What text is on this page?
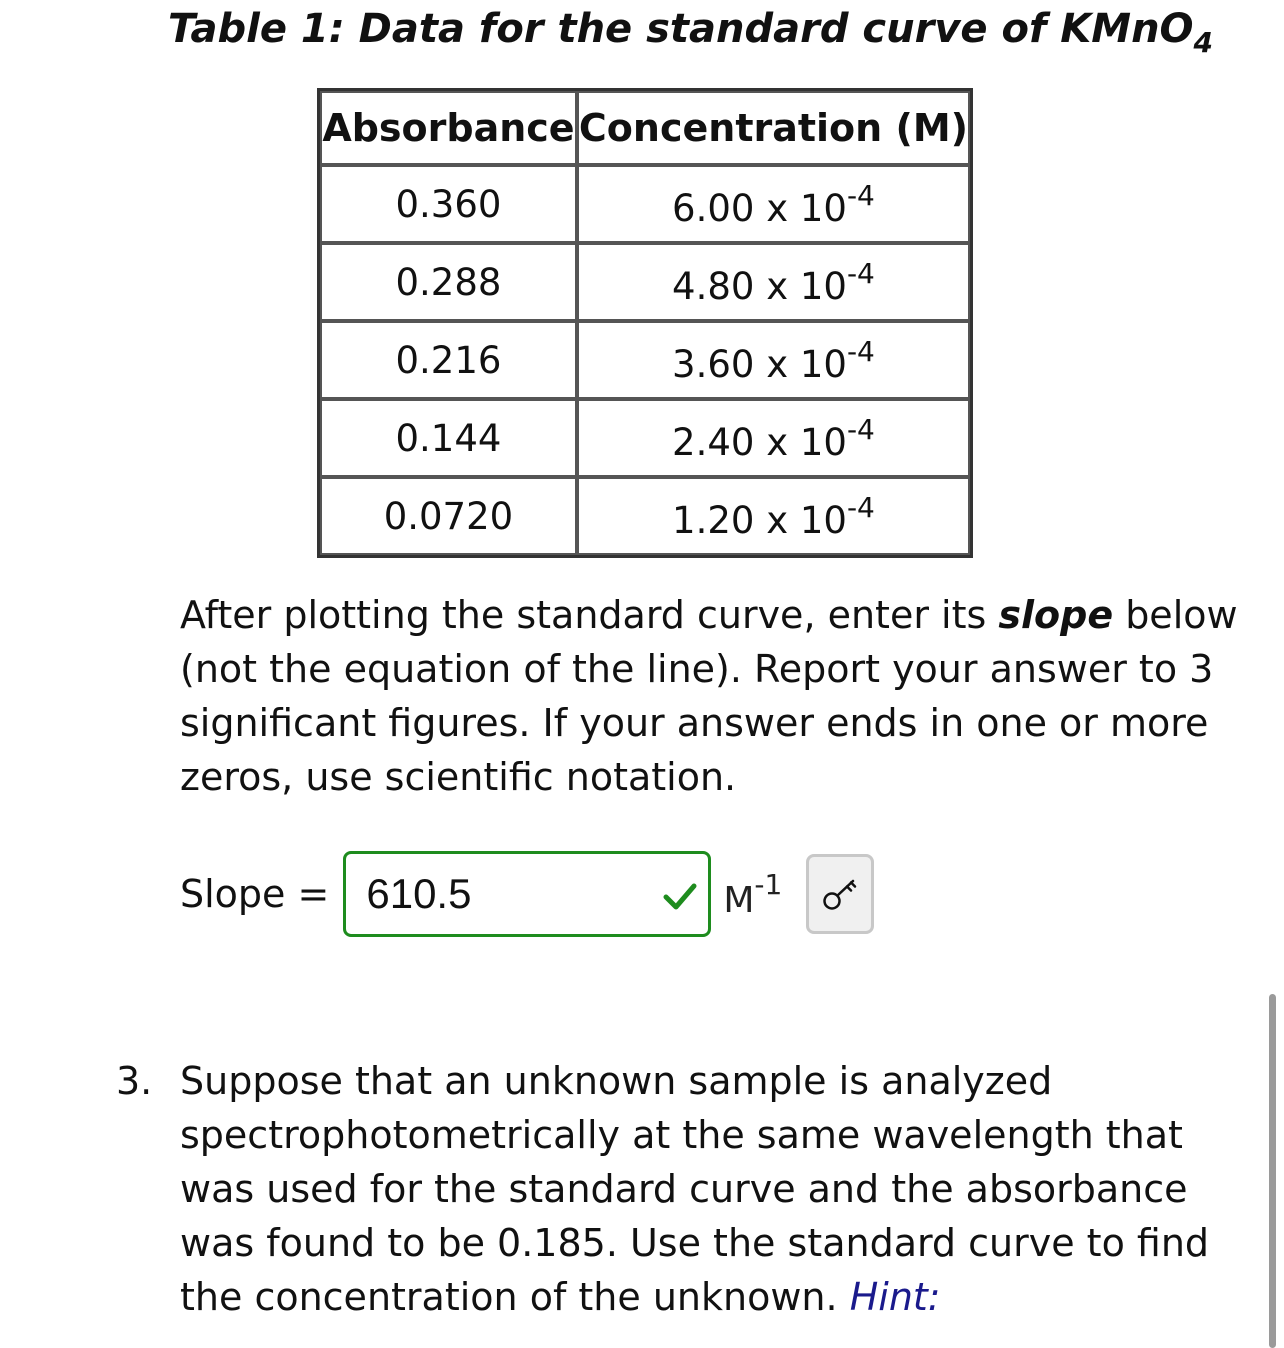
Table 1: Data for the standard curve of KMnO$_4$
Absorbance	Concentration (M)
0.360	6.00 x $10^{-4}$
0.288	4.80 x $10^{-4}$
0.216	3.60 x $10^{-4}$
0.144	2.40 x $10^{-4}$
0.0720	1.20 x $10^{-4}$
After plotting the standard curve, enter its slope below (not the equation of the line). Report your answer to 3 significant figures. If your answer ends in one or more zeros, use scientific notation.
Slope =
610.5	$M^{-1}$
3. Suppose that an unknown sample is analyzed spectrophotometrically at the same wavelength that was used for the standard curve and the absorbance was found to be 0.185. Use the standard curve to find the concentration of the unknown. Hint:
